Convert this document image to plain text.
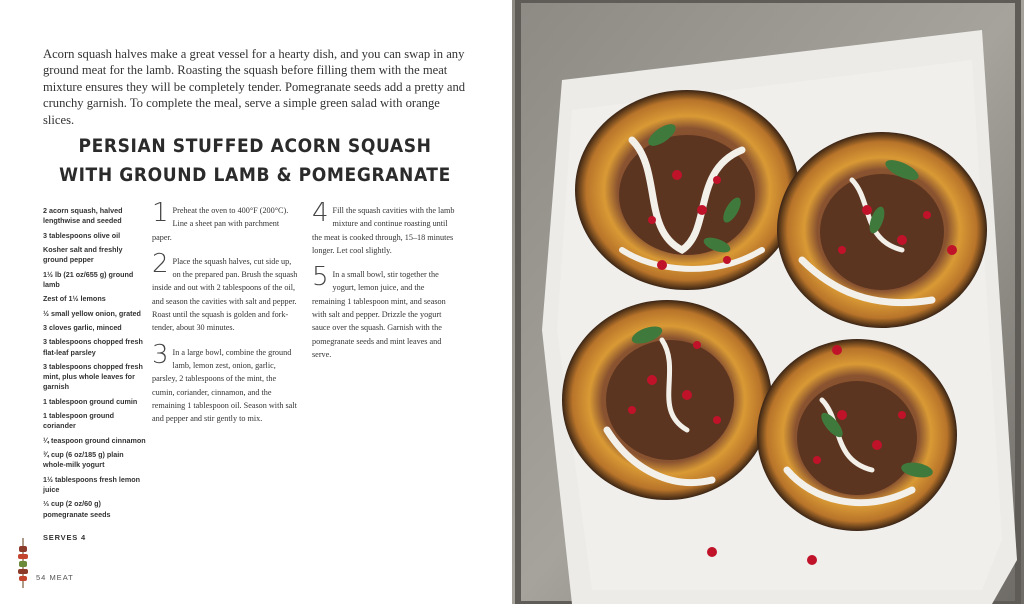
Acorn squash halves make a great vessel for a hearty dish, and you can swap in any ground meat for the lamb. Roasting the squash before filling them with the meat mixture ensures they will be completely tender. Pomegranate seeds add a pretty and crunchy garnish. To complete the meal, serve a simple green salad with orange slices.

PERSIAN STUFFED ACORN SQUASH
WITH GROUND LAMB & POMEGRANATE
2 acorn squash, halved lengthwise and seeded
3 tablespoons olive oil
Kosher salt and freshly ground pepper
1½ lb (21 oz/655 g) ground lamb
Zest of 1½ lemons
½ small yellow onion, grated
3 cloves garlic, minced
3 tablespoons chopped fresh flat-leaf parsley
3 tablespoons chopped fresh mint, plus whole leaves for garnish
1 tablespoon ground cumin
1 tablespoon ground coriander
¼ teaspoon ground cinnamon
¾ cup (6 oz/185 g) plain whole-milk yogurt
1½ tablespoons fresh lemon juice
⅓ cup (2 oz/60 g) pomegranate seeds
SERVES 4
1 Preheat the oven to 400°F (200°C). Line a sheet pan with parchment paper.
2 Place the squash halves, cut side up, on the prepared pan. Brush the squash inside and out with 2 tablespoons of the oil, and season the cavities with salt and pepper. Roast until the squash is golden and fork-tender, about 30 minutes.
3 In a large bowl, combine the ground lamb, lemon zest, onion, garlic, parsley, 2 tablespoons of the mint, the cumin, coriander, cinnamon, and the remaining 1 tablespoon oil. Season with salt and pepper and stir gently to mix.
4 Fill the squash cavities with the lamb mixture and continue roasting until the meat is cooked through, 15–18 minutes longer. Let cool slightly.
5 In a small bowl, stir together the yogurt, lemon juice, and the remaining 1 tablespoon mint, and season with salt and pepper. Drizzle the yogurt sauce over the squash. Garnish with the pomegranate seeds and mint leaves and serve.
54 MEAT
